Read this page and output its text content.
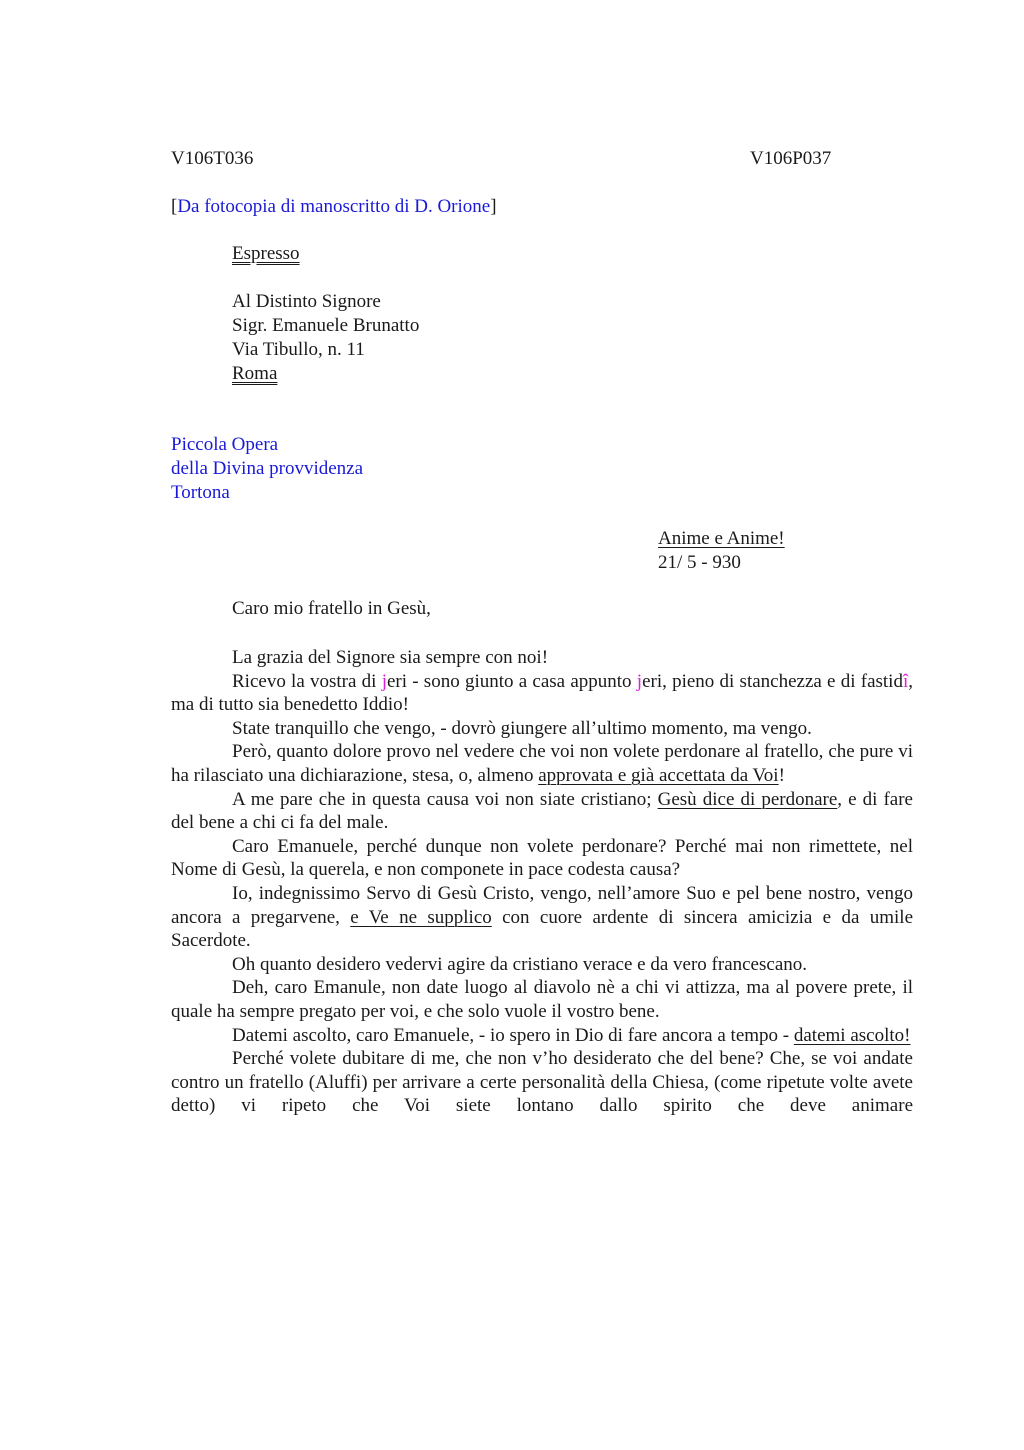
V106T036	V106P037
[Da fotocopia di manoscritto di D. Orione]
Espresso
Al Distinto Signore
Sigr. Emanuele Brunatto
Via Tibullo, n. 11
Roma
Piccola Opera
della Divina provvidenza
Tortona
Anime e Anime!
21/ 5 - 930
Caro mio fratello in Gesù,

La grazia del Signore sia sempre con noi!

Ricevo la vostra di jeri - sono giunto a casa appunto jeri, pieno di stanchezza e di fastidî, ma di tutto sia benedetto Iddio!

State tranquillo che vengo, - dovrò giungere all’ultimo momento, ma vengo.

Però, quanto dolore provo nel vedere che voi non volete perdonare al fratello, che pure vi ha rilasciato una dichiarazione, stesa, o, almeno approvata e già accettata da Voi!

A me pare che in questa causa voi non siate cristiano; Gesù dice di perdonare, e di fare del bene a chi ci fa del male.

Caro Emanuele, perché dunque non volete perdonare? Perché mai non rimettete, nel Nome di Gesù, la querela, e non componete in pace codesta causa?

Io, indegnissimo Servo di Gesù Cristo, vengo, nell’amore Suo e pel bene nostro, vengo ancora a pregarvene, e Ve ne supplico con cuore ardente di sincera amicizia e da umile Sacerdote.

Oh quanto desidero vedervi agire da cristiano verace e da vero francescano.

Deh, caro Emanule, non date luogo al diavolo nè a chi vi attizza, ma al povere prete, il quale ha sempre pregato per voi, e che solo vuole il vostro bene.

Datemi ascolto, caro Emanuele, - io spero in Dio di fare ancora a tempo - datemi ascolto!

Perché volete dubitare di me, che non v’ho desiderato che del bene? Che, se voi andate contro un fratello (Aluffi) per arrivare a certe personalità della Chiesa, (come ripetute volte avete detto) vi ripeto che Voi siete lontano dallo spirito che deve animare
